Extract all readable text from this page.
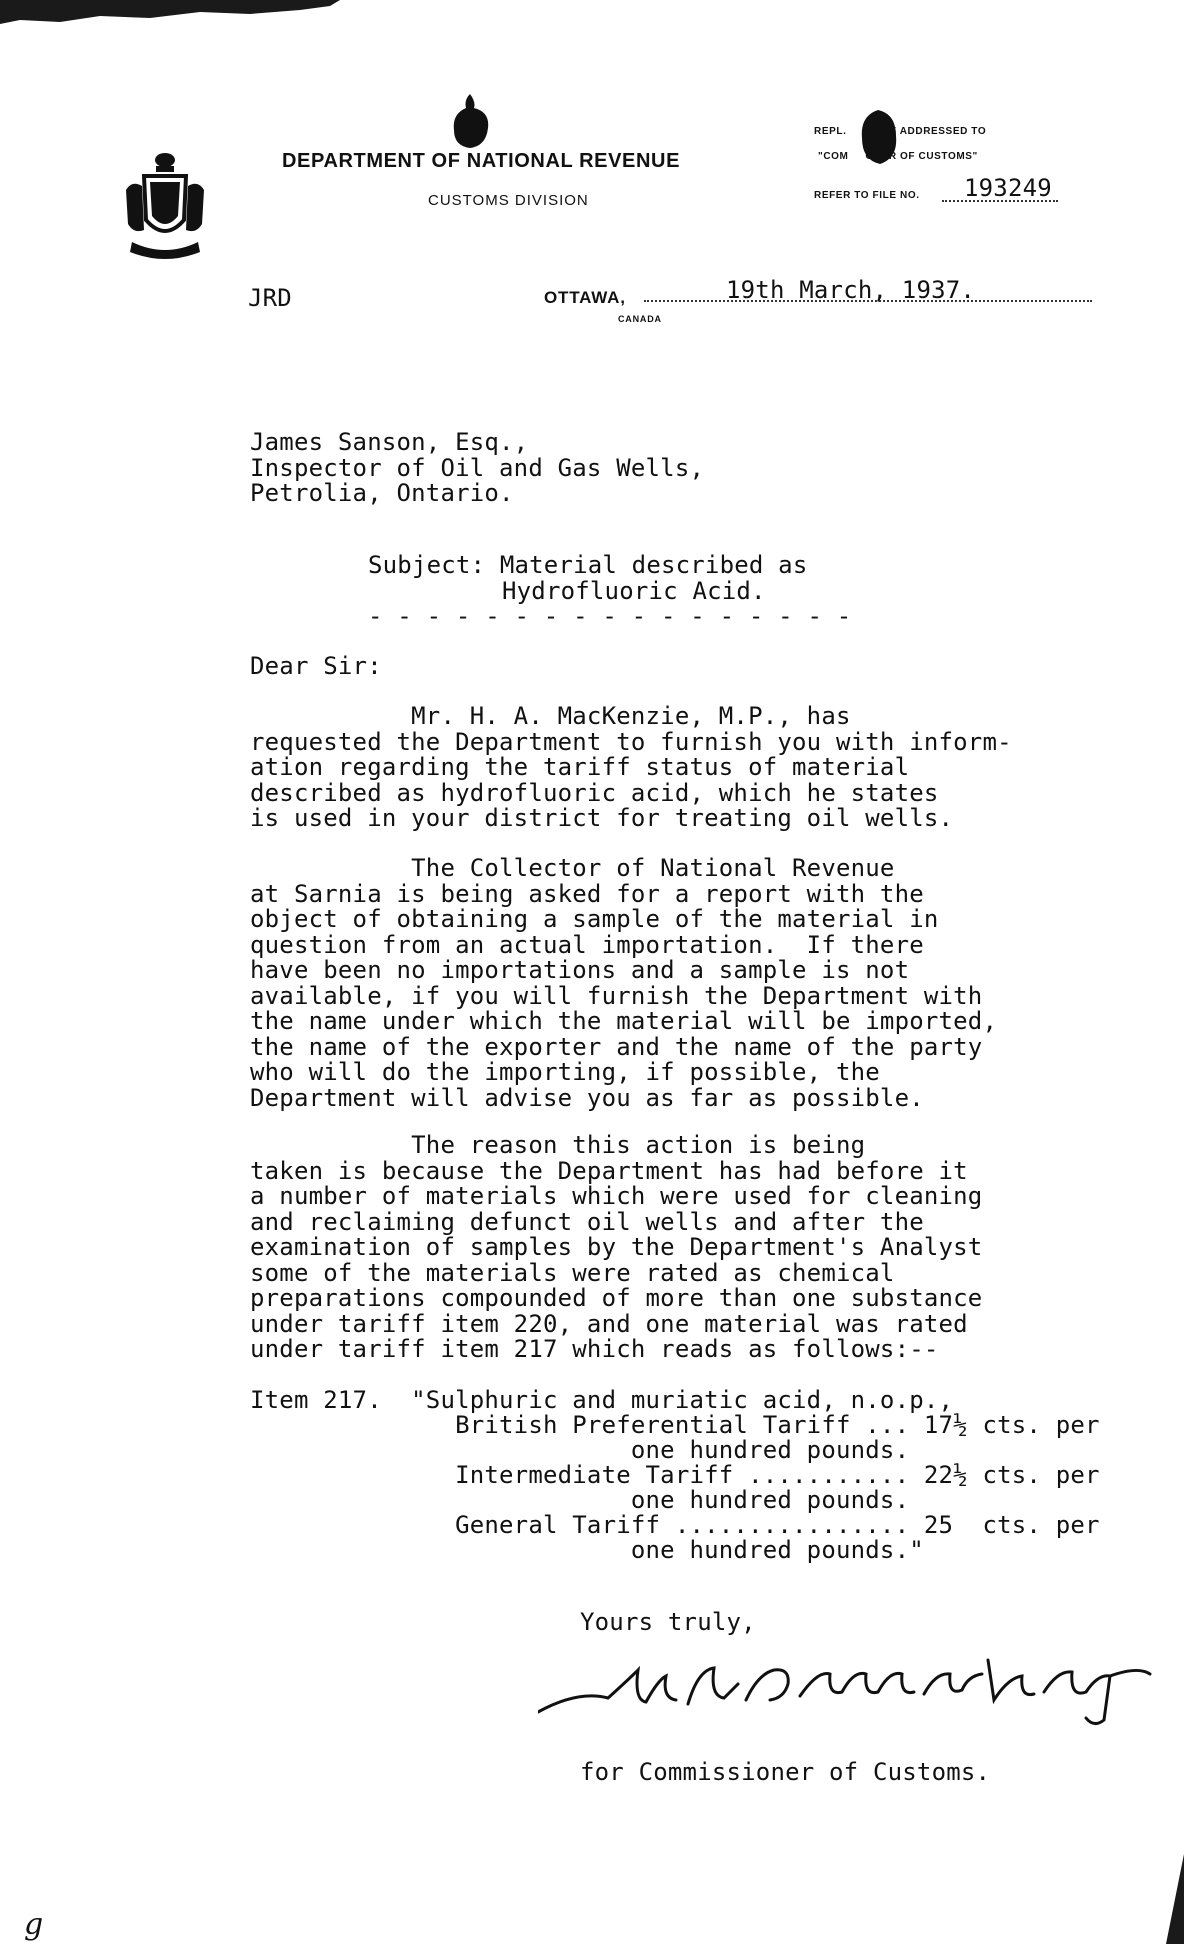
DEPARTMENT OF NATIONAL REVENUE
CUSTOMS DIVISION
REPL.     TO BE ADDRESSED TO
"COM     ONER OF CUSTOMS"
REFER TO FILE NO. 193249
JRD	OTTAWA,
CANADA
19th March, 1937.
James Sanson, Esq.,
Inspector of Oil and Gas Wells,
Petrolia, Ontario.
Subject: Material described as
Hydrofluoric Acid.
- - - - - - - - - - - - - - - - -
Dear Sir:
Mr. H. A. MacKenzie, M.P., has
requested the Department to furnish you with inform-
ation regarding the tariff status of material
described as hydrofluoric acid, which he states
is used in your district for treating oil wells.
The Collector of National Revenue
at Sarnia is being asked for a report with the
object of obtaining a sample of the material in
question from an actual importation.  If there
have been no importations and a sample is not
available, if you will furnish the Department with
the name under which the material will be imported,
the name of the exporter and the name of the party
who will do the importing, if possible, the
Department will advise you as far as possible.
The reason this action is being
taken is because the Department has had before it
a number of materials which were used for cleaning
and reclaiming defunct oil wells and after the
examination of samples by the Department's Analyst
some of the materials were rated as chemical
preparations compounded of more than one substance
under tariff item 220, and one material was rated
under tariff item 217 which reads as follows:--
Item 217.  "Sulphuric and muriatic acid, n.o.p.,
British Preferential Tariff ... 17½ cts. per
one hundred pounds.
Intermediate Tariff ........... 22½ cts. per
one hundred pounds.
General Tariff ................ 25  cts. per
one hundred pounds."
Yours truly,
for Commissioner of Customs.
g
